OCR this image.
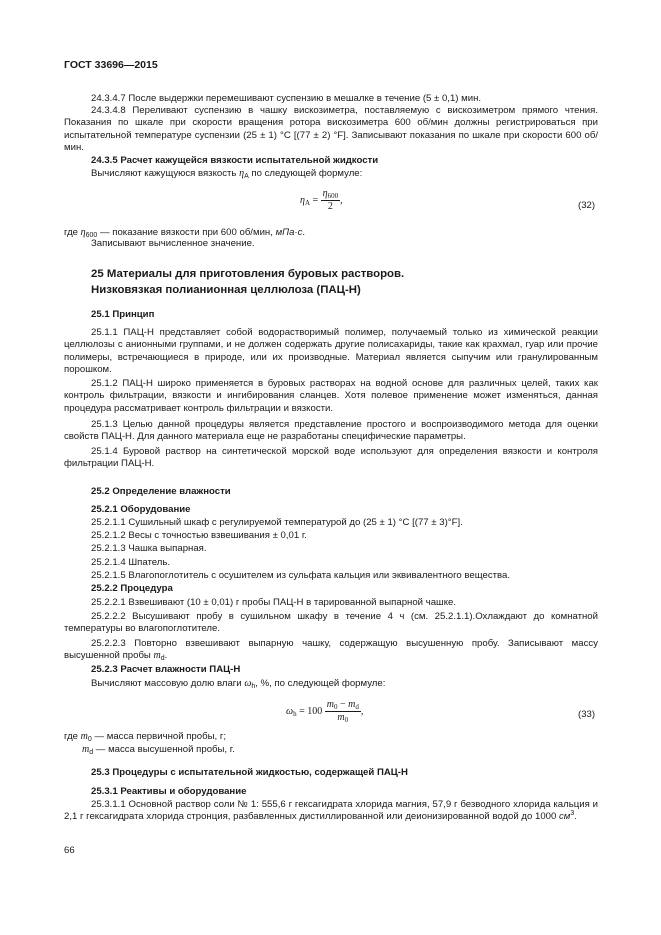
ГОСТ 33696—2015
24.3.4.7 После выдержки перемешивают суспензию в мешалке в течение (5 ± 0,1) мин.
24.3.4.8 Переливают суспензию в чашку вискозиметра, поставляемую с вискозиметром прямого чтения. Показания по шкале при скорости вращения ротора вискозиметра 600 об/мин должны регистрироваться при испытательной температуре суспензии (25 ± 1) °С [(77 ± 2) °F]. Записывают показания по шкале при скорости 600 об/мин.
24.3.5 Расчет кажущейся вязкости испытательной жидкости
Вычисляют кажущуюся вязкость $\eta_А$ по следующей формуле:
$\eta_А = \frac{\eta_{600}}{2}$ ,	(32)
где $\eta_{600}$ — показание вязкости при 600 об/мин, мПа·с.
Записывают вычисленное значение.
25 Материалы для приготовления буровых растворов.
Низковязкая полианионная целлюлоза (ПАЦ-Н)
25.1 Принцип
25.1.1 ПАЦ-Н представляет собой водорастворимый полимер, получаемый только из химической реакции целлюлозы с анионными группами, и не должен содержать другие полисахариды, такие как крахмал, гуар или прочие полимеры, встречающиеся в природе, или их производные. Материал является сыпучим или гранулированным порошком.
25.1.2 ПАЦ-Н широко применяется в буровых растворах на водной основе для различных целей, таких как контроль фильтрации, вязкости и ингибирования сланцев. Хотя полевое применение может изменяться, данная процедура рассматривает контроль фильтрации и вязкости.
25.1.3 Целью данной процедуры является представление простого и воспроизводимого метода для оценки свойств ПАЦ-Н. Для данного материала еще не разработаны специфические параметры.
25.1.4 Буровой раствор на синтетической морской воде используют для определения вязкости и контроля фильтрации ПАЦ-Н.
25.2 Определение влажности
25.2.1 Оборудование
25.2.1.1 Сушильный шкаф с регулируемой температурой до (25 ± 1) °С [(77 ± 3)°F].
25.2.1.2 Весы с точностью взвешивания ± 0,01 г.
25.2.1.3 Чашка выпарная.
25.2.1.4 Шпатель.
25.2.1.5 Влагопоглотитель с осушителем из сульфата кальция или эквивалентного вещества.
25.2.2 Процедура
25.2.2.1 Взвешивают (10 ± 0,01) г пробы ПАЦ-Н в тарированной выпарной чашке.
25.2.2.2 Высушивают пробу в сушильном шкафу в течение 4 ч (см. 25.2.1.1).Охлаждают до комнатной температуры во влагопоглотителе.
25.2.2.3 Повторно взвешивают выпарную чашку, содержащую высушенную пробу. Записывают массу высушенной пробы $m_d$.
25.2.3 Расчет влажности ПАЦ-Н
Вычисляют массовую долю влаги $\omega_h$, %, по следующей формуле:
$\omega_h = 100 \frac{m_0 - m_d}{m_0}$ ,	(33)
где $m_0$ — масса первичной пробы, г;
$m_d$ — масса высушенной пробы, г.
25.3 Процедуры с испытательной жидкостью, содержащей ПАЦ-Н
25.3.1 Реактивы и оборудование
25.3.1.1 Основной раствор соли № 1: 555,6 г гексагидрата хлорида магния, 57,9 г безводного хлорида кальция и 2,1 г гексагидрата хлорида стронция, разбавленных дистиллированной или деионизированной водой до 1000 $см^3$.
66
